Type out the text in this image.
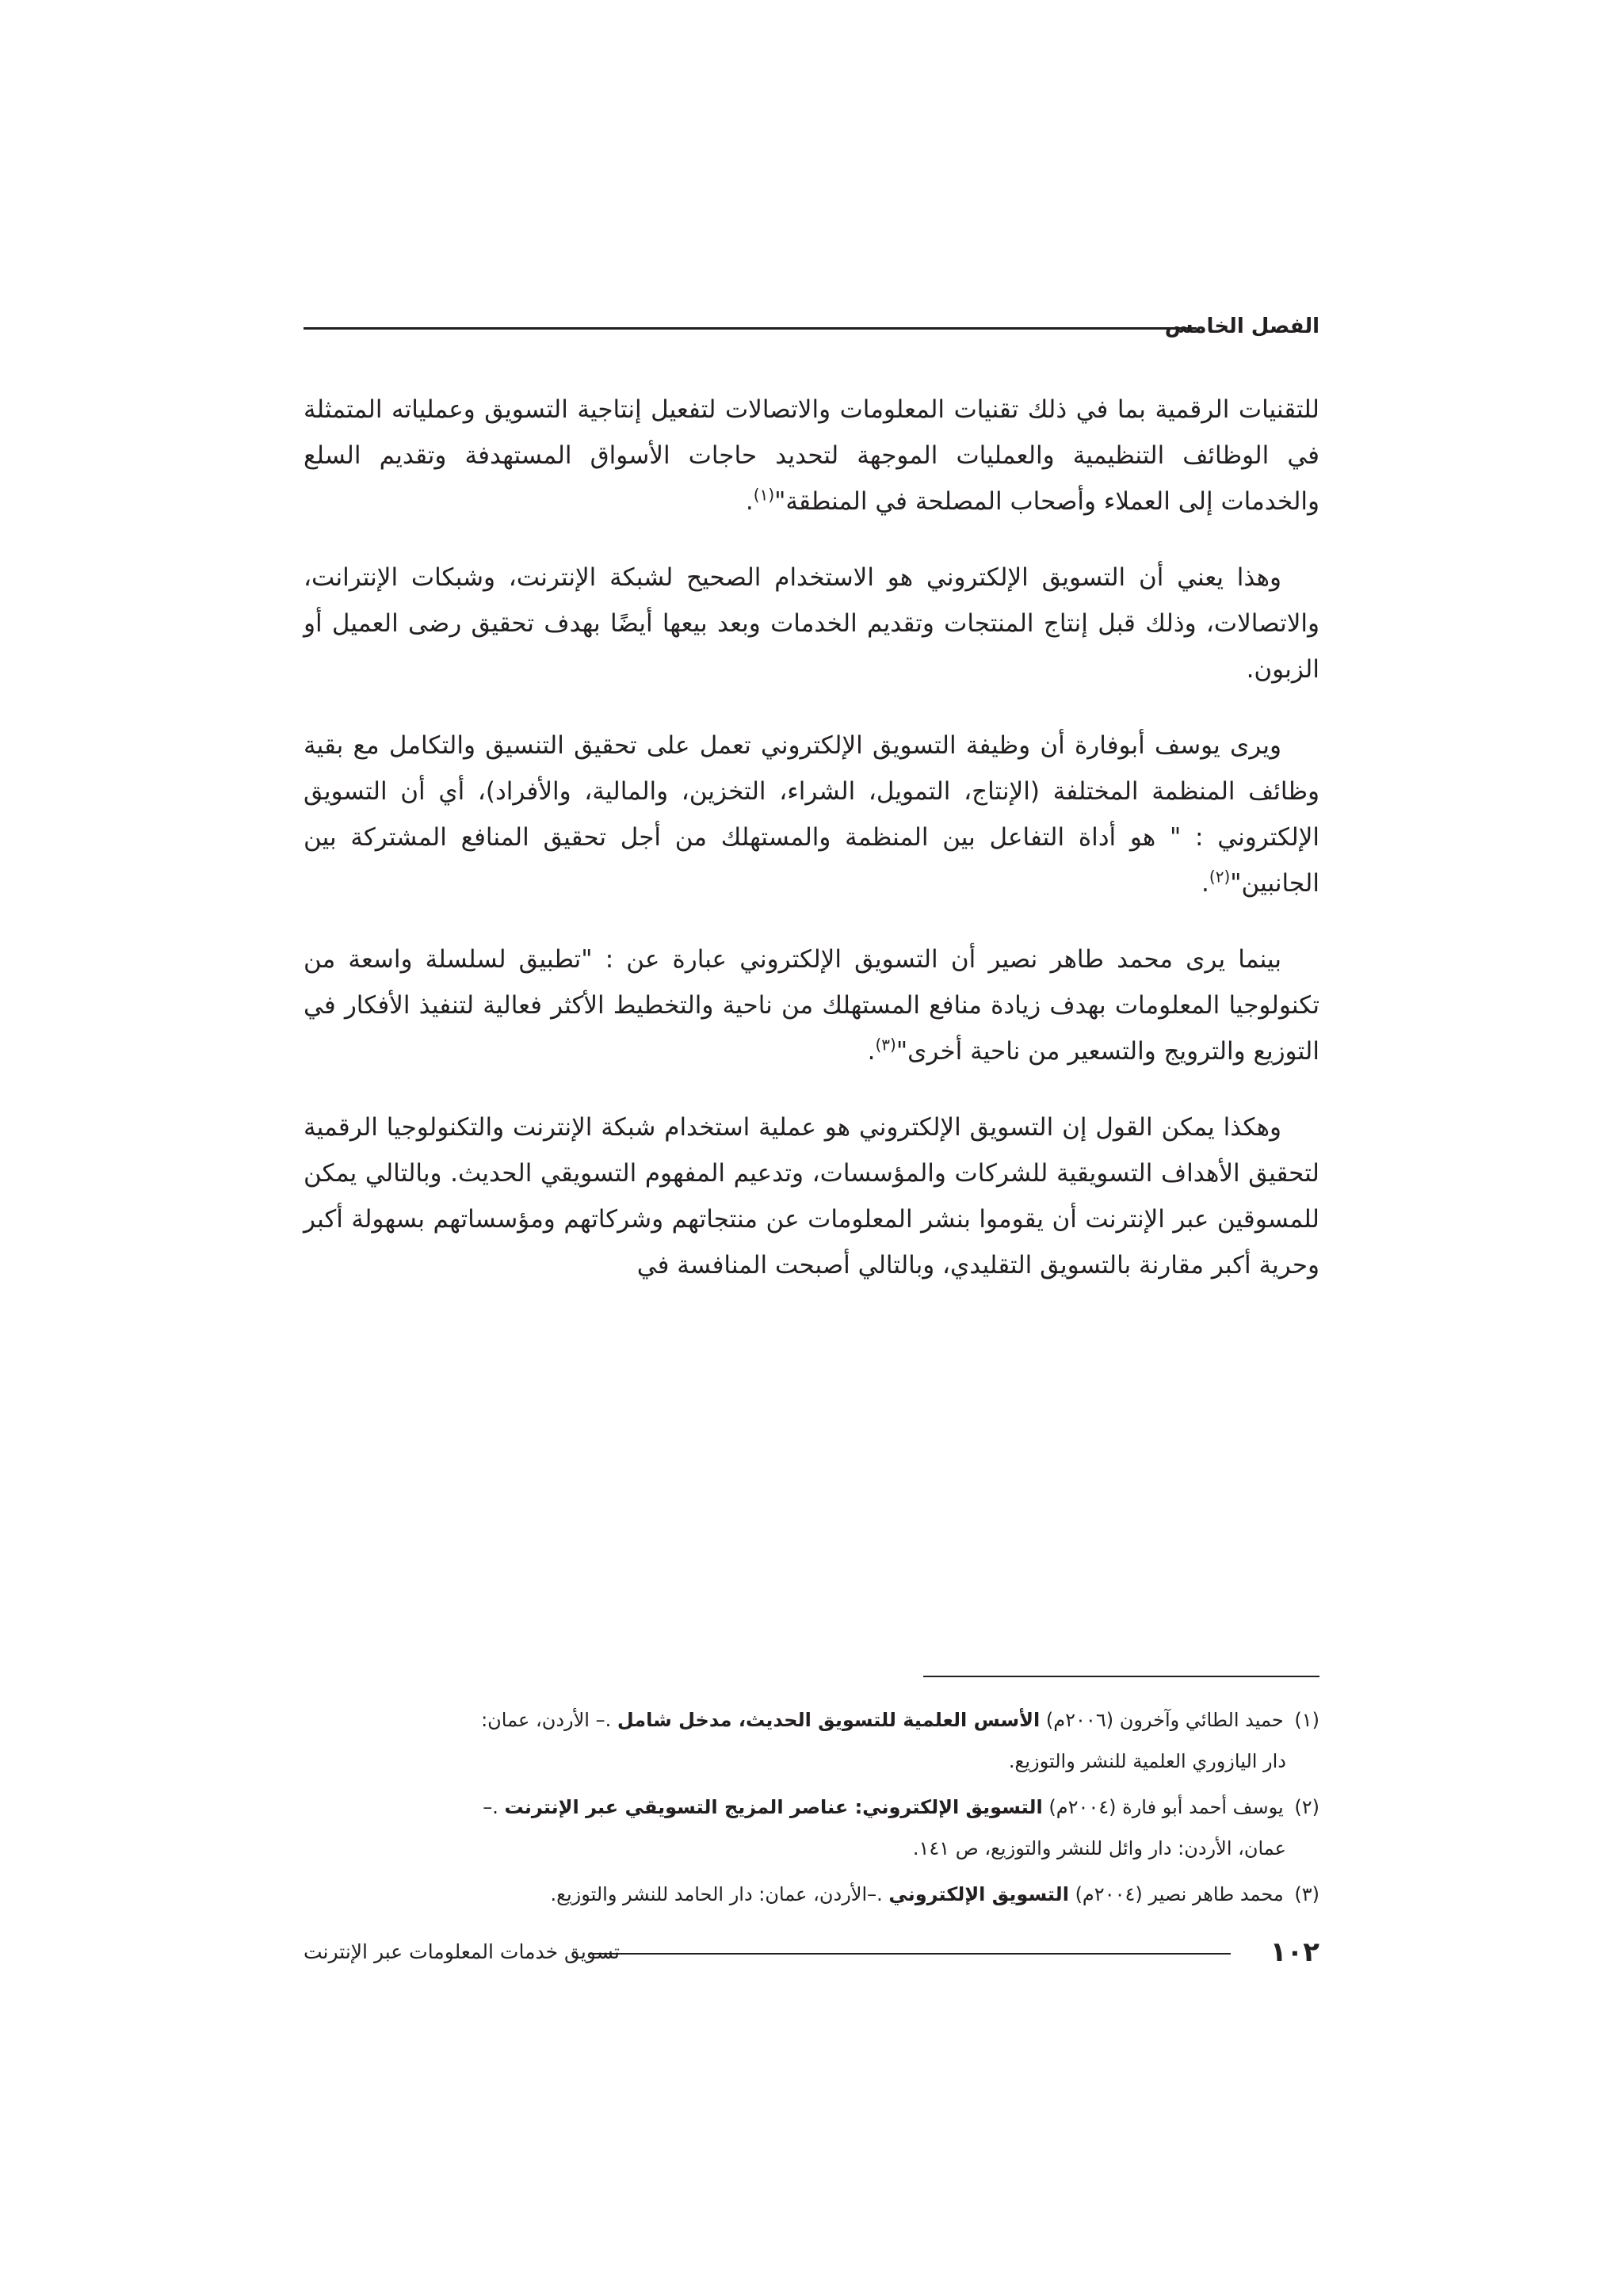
الفصل الخامس

للتقنيات الرقمية بما في ذلك تقنيات المعلومات والاتصالات لتفعيل إنتاجية التسويق وعملياته المتمثلة في الوظائف التنظيمية والعمليات الموجهة لتحديد حاجات الأسواق المستهدفة وتقديم السلع والخدمات إلى العملاء وأصحاب المصلحة في المنطقة"$^{(١)}$.

وهذا يعني أن التسويق الإلكتروني هو الاستخدام الصحيح لشبكة الإنترنت، وشبكات الإنترانت، والاتصالات، وذلك قبل إنتاج المنتجات وتقديم الخدمات وبعد بيعها أيضًا بهدف تحقيق رضى العميل أو الزبون.

ويرى يوسف أبوفارة أن وظيفة التسويق الإلكتروني تعمل على تحقيق التنسيق والتكامل مع بقية وظائف المنظمة المختلفة (الإنتاج، التمويل، الشراء، التخزين، والمالية، والأفراد)، أي أن التسويق الإلكتروني : " هو أداة التفاعل بين المنظمة والمستهلك من أجل تحقيق المنافع المشتركة بين الجانبين"$^{(٢)}$.

بينما يرى محمد طاهر نصير أن التسويق الإلكتروني عبارة عن : "تطبيق لسلسلة واسعة من تكنولوجيا المعلومات بهدف زيادة منافع المستهلك من ناحية والتخطيط الأكثر فعالية لتنفيذ الأفكار في التوزيع والترويج والتسعير من ناحية أخرى"$^{(٣)}$.

وهكذا يمكن القول إن التسويق الإلكتروني هو عملية استخدام شبكة الإنترنت والتكنولوجيا الرقمية لتحقيق الأهداف التسويقية للشركات والمؤسسات، وتدعيم المفهوم التسويقي الحديث. وبالتالي يمكن للمسوقين عبر الإنترنت أن يقوموا بنشر المعلومات عن منتجاتهم وشركاتهم ومؤسساتهم بسهولة أكبر وحرية أكبر مقارنة بالتسويق التقليدي، وبالتالي أصبحت المنافسة في

(١) حميد الطائي وآخرون (٢٠٠٦م) الأسس العلمية للتسويق الحديث، مدخل شامل .– الأردن، عمان:
دار اليازوري العلمية للنشر والتوزيع.

(٢) يوسف أحمد أبو فارة (٢٠٠٤م) التسويق الإلكتروني: عناصر المزيج التسويقي عبر الإنترنت .–
عمان، الأردن: دار وائل للنشر والتوزيع، ص ١٤١.

(٣) محمد طاهر نصير (٢٠٠٤م) التسويق الإلكتروني .–الأردن، عمان: دار الحامد للنشر والتوزيع.

١٠٢
تسويق خدمات المعلومات عبر الإنترنت
